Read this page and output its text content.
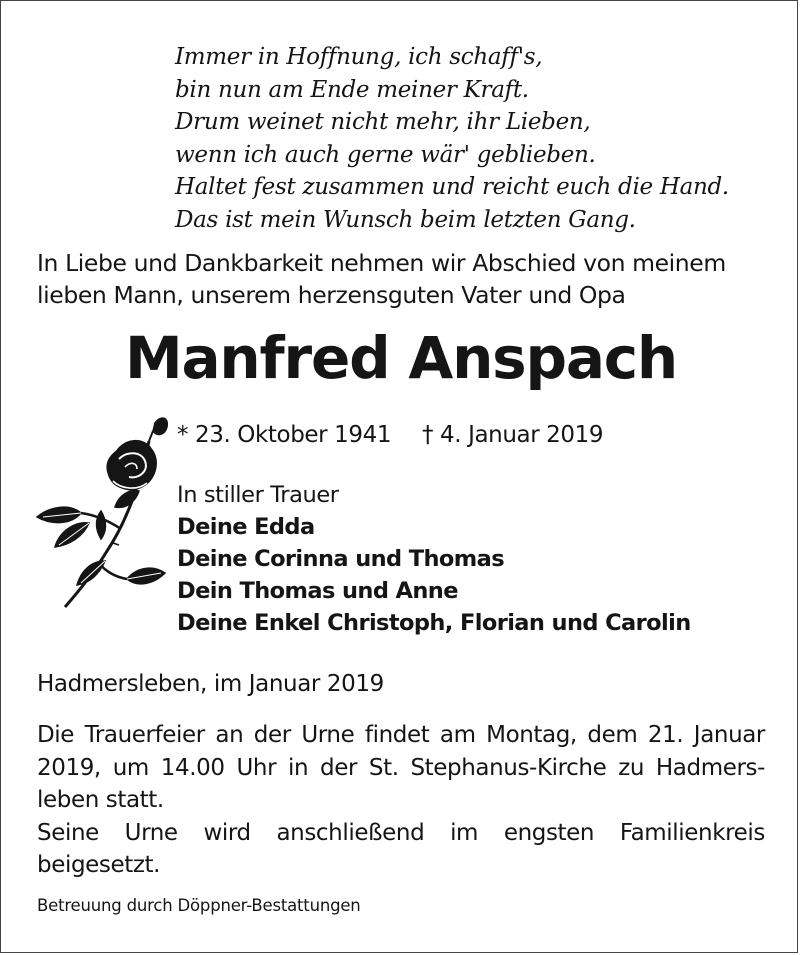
Immer in Hoffnung, ich schaff's,
bin nun am Ende meiner Kraft.
Drum weinet nicht mehr, ihr Lieben,
wenn ich auch gerne wär' geblieben.
Haltet fest zusammen und reicht euch die Hand.
Das ist mein Wunsch beim letzten Gang.
In Liebe und Dankbarkeit nehmen wir Abschied von meinem
lieben Mann, unserem herzensguten Vater und Opa
Manfred Anspach
* 23. Oktober 1941 † 4. Januar 2019
In stiller Trauer
Deine Edda
Deine Corinna und Thomas
Dein Thomas und Anne
Deine Enkel Christoph, Florian und Carolin
Hadmersleben, im Januar 2019
Die Trauerfeier an der Urne findet am Montag, dem 21. Januar
2019, um 14.00 Uhr in der St. Stephanus-Kirche zu Hadmers-
leben statt.
Seine Urne wird anschließend im engsten Familienkreis
beigesetzt.
Betreuung durch Döppner-Bestattungen
